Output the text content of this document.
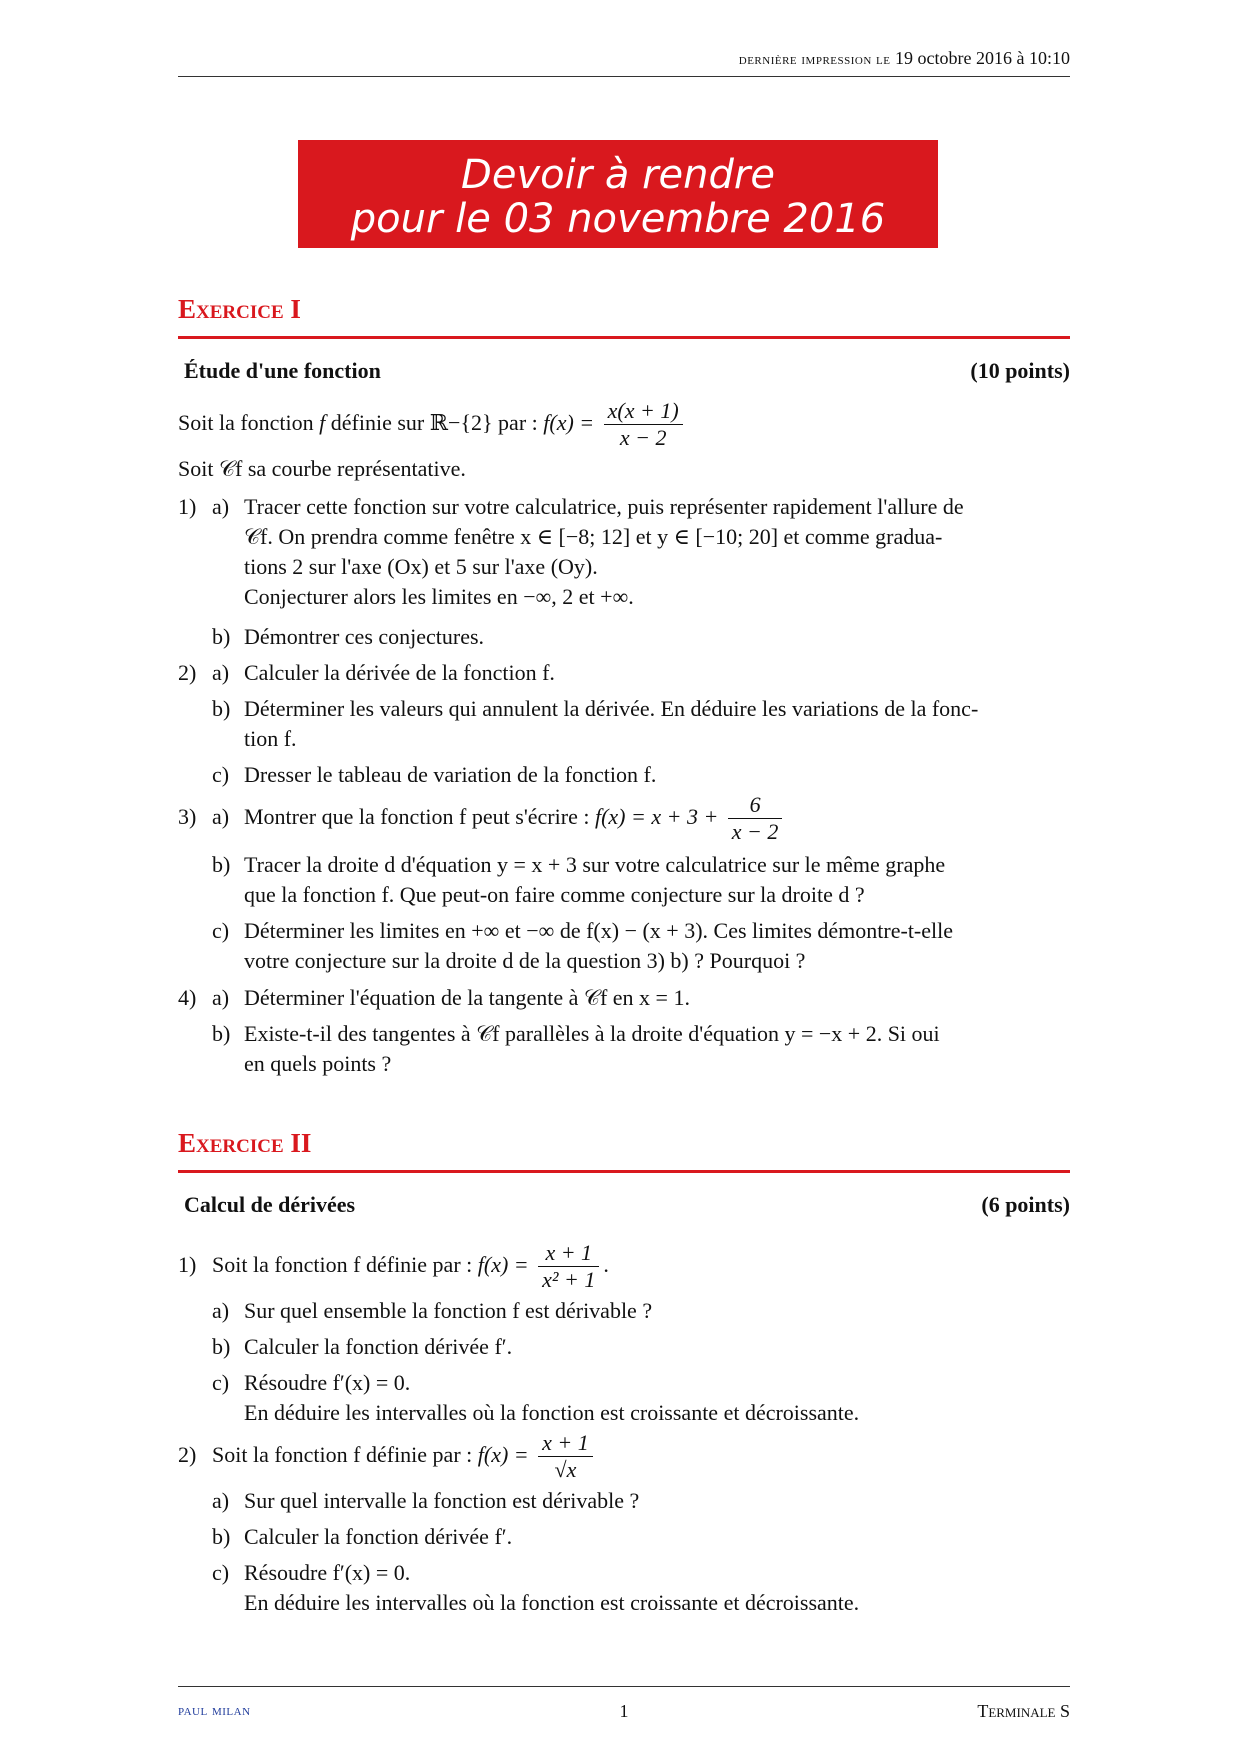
dernière impression le 19 octobre 2016 à 10:10
Devoir à rendre
pour le 03 novembre 2016
Exercice I
Étude d'une fonction	(10 points)
Soit la fonction f définie sur ℝ−{2} par : $f(x) = \frac{x(x + 1)}{x - 2}$
Soit 𝒞f sa courbe représentative.
1) a) Tracer cette fonction sur votre calculatrice, puis représenter rapidement l'allure de
𝒞f. On prendra comme fenêtre x ∈ [−8; 12] et y ∈ [−10; 20] et comme gradua-
tions 2 sur l'axe (Ox) et 5 sur l'axe (Oy).
Conjecturer alors les limites en −∞, 2 et +∞.
b) Démontrer ces conjectures.
2) a) Calculer la dérivée de la fonction f.
b) Déterminer les valeurs qui annulent la dérivée. En déduire les variations de la fonc-
tion f.
c) Dresser le tableau de variation de la fonction f.
3) a) Montrer que la fonction f peut s'écrire : $f(x) = x + 3 + \frac{6}{x - 2}$
b) Tracer la droite d d'équation y = x + 3 sur votre calculatrice sur le même graphe
que la fonction f. Que peut-on faire comme conjecture sur la droite d ?
c) Déterminer les limites en +∞ et −∞ de f(x) − (x + 3). Ces limites démontre-t-elle
votre conjecture sur la droite d de la question 3) b) ? Pourquoi ?
4) a) Déterminer l'équation de la tangente à 𝒞f en x = 1.
b) Existe-t-il des tangentes à 𝒞f parallèles à la droite d'équation y = −x + 2. Si oui
en quels points ?
Exercice II
Calcul de dérivées	(6 points)
1) Soit la fonction f définie par : $f(x) = \frac{x + 1}{\text{x² + 1}}$ .
a) Sur quel ensemble la fonction f est dérivable ?
b) Calculer la fonction dérivée f′.
c) Résoudre f′(x) = 0.
En déduire les intervalles où la fonction est croissante et décroissante.
2) Soit la fonction f définie par : $f(x) = \frac{x + 1}{√x}$
a) Sur quel intervalle la fonction est dérivable ?
b) Calculer la fonction dérivée f′.
c) Résoudre f′(x) = 0.
En déduire les intervalles où la fonction est croissante et décroissante.
paul milan	1	Terminale S
